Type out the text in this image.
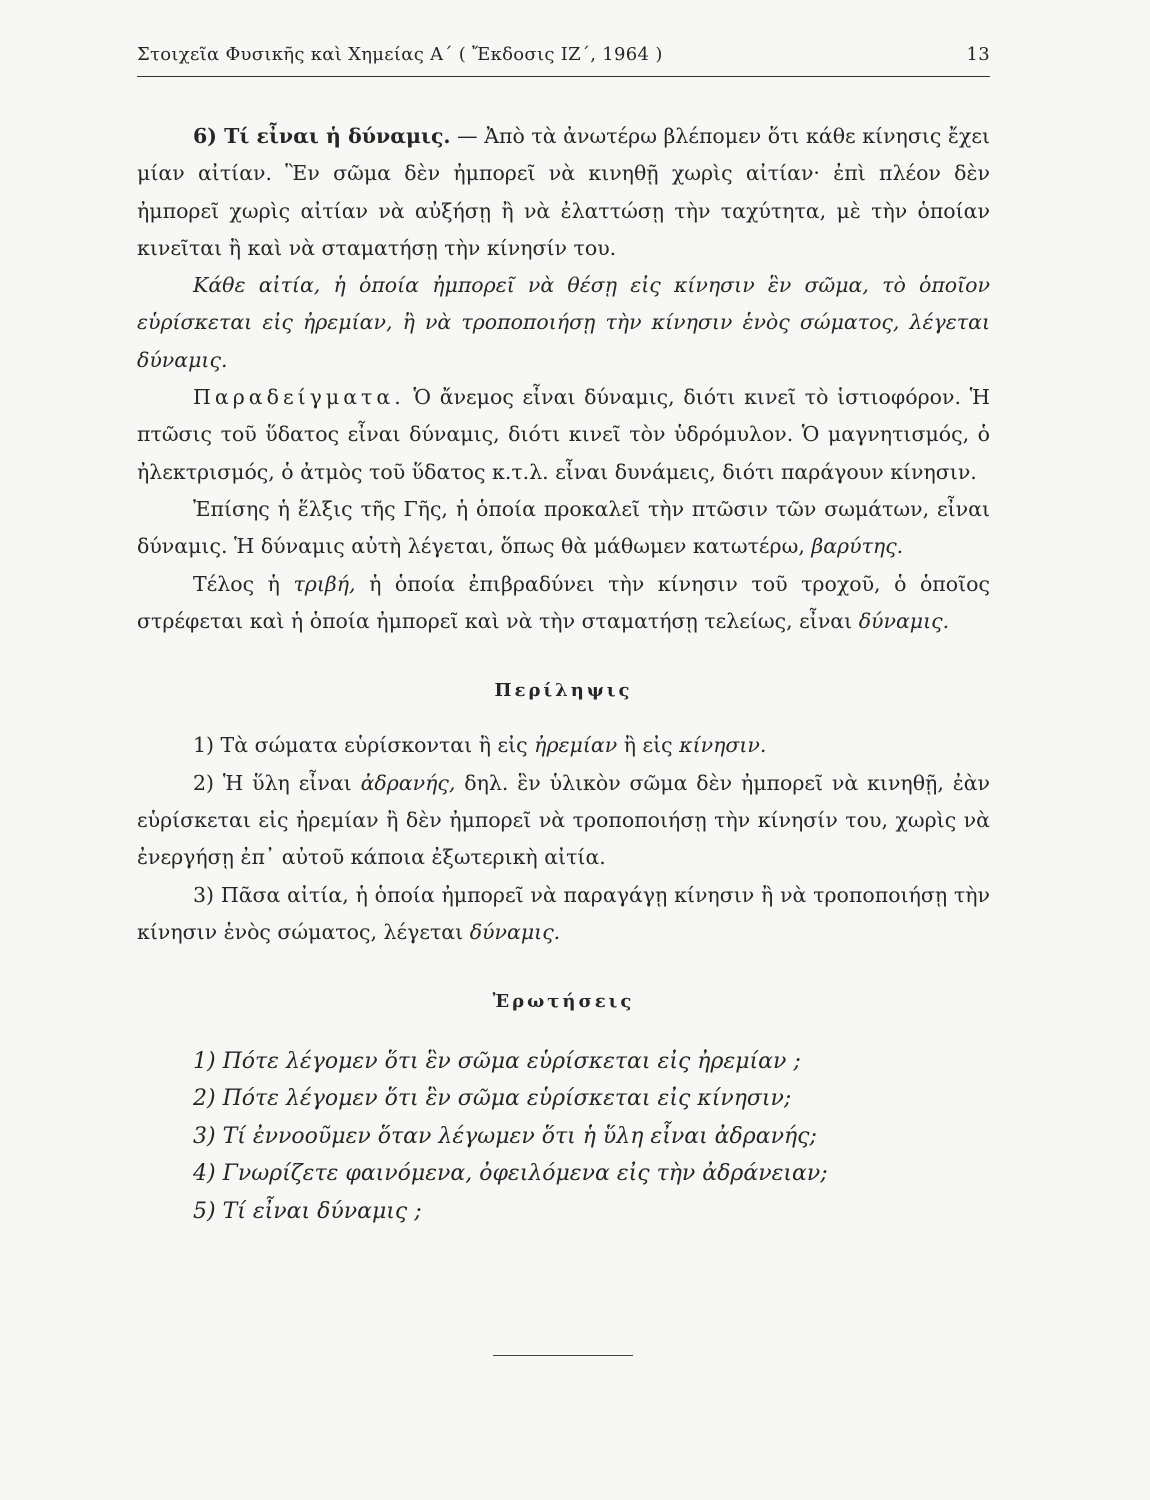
Στοιχεῖα Φυσικῆς καὶ Χημείας Α΄ ( Ἔκδοσις ΙΖ΄, 1964 )	13

6) Τί εἶναι ἡ δύναμις. — Ἀπὸ τὰ ἀνωτέρω βλέπομεν ὅτι κάθε κίνησις ἔχει μίαν αἰτίαν. Ἓν σῶμα δὲν ἠμπορεῖ νὰ κινηθῇ χωρὶς αἰτίαν· ἐπὶ πλέον δὲν ἠμπορεῖ χωρὶς αἰτίαν νὰ αὐξήσῃ ἢ νὰ ἐλαττώσῃ τὴν ταχύτητα, μὲ τὴν ὁποίαν κινεῖται ἢ καὶ νὰ σταματήσῃ τὴν κίνησίν του.

Κάθε αἰτία, ἡ ὁποία ἠμπορεῖ νὰ θέσῃ εἰς κίνησιν ἓν σῶμα, τὸ ὁποῖον εὑρίσκεται εἰς ἠρεμίαν, ἢ νὰ τροποποιήσῃ τὴν κίνησιν ἑνὸς σώματος, λέγεται δύναμις.

Παραδείγματα. Ὁ ἄνεμος εἶναι δύναμις, διότι κινεῖ τὸ ἱστιοφόρον. Ἡ πτῶσις τοῦ ὕδατος εἶναι δύναμις, διότι κινεῖ τὸν ὑδρόμυλον. Ὁ μαγνητισμός, ὁ ἠλεκτρισμός, ὁ ἀτμὸς τοῦ ὕδατος κ.τ.λ. εἶναι δυνάμεις, διότι παράγουν κίνησιν.

Ἐπίσης ἡ ἕλξις τῆς Γῆς, ἡ ὁποία προκαλεῖ τὴν πτῶσιν τῶν σωμάτων, εἶναι δύναμις. Ἡ δύναμις αὐτὴ λέγεται, ὅπως θὰ μάθωμεν κατωτέρω, βαρύτης.

Τέλος ἡ τριβή, ἡ ὁποία ἐπιβραδύνει τὴν κίνησιν τοῦ τροχοῦ, ὁ ὁποῖος στρέφεται καὶ ἡ ὁποία ἠμπορεῖ καὶ νὰ τὴν σταματήσῃ τελείως, εἶναι δύναμις.

Περίληψις

1) Τὰ σώματα εὑρίσκονται ἢ εἰς ἠρεμίαν ἢ εἰς κίνησιν.

2) Ἡ ὕλη εἶναι ἀδρανής, δηλ. ἓν ὑλικὸν σῶμα δὲν ἠμπορεῖ νὰ κινηθῇ, ἐὰν εὑρίσκεται εἰς ἠρεμίαν ἢ δὲν ἠμπορεῖ νὰ τροποποιήσῃ τὴν κίνησίν του, χωρὶς νὰ ἐνεργήσῃ ἐπ᾽ αὐτοῦ κάποια ἐξωτερικὴ αἰτία.

3) Πᾶσα αἰτία, ἡ ὁποία ἠμπορεῖ νὰ παραγάγῃ κίνησιν ἢ νὰ τροποποιήσῃ τὴν κίνησιν ἑνὸς σώματος, λέγεται δύναμις.

Ἐρωτήσεις

1) Πότε λέγομεν ὅτι ἓν σῶμα εὑρίσκεται εἰς ἠρεμίαν ;

2) Πότε λέγομεν ὅτι ἓν σῶμα εὑρίσκεται εἰς κίνησιν;

3) Τί ἐννοοῦμεν ὅταν λέγωμεν ὅτι ἡ ὕλη εἶναι ἀδρανής;

4) Γνωρίζετε φαινόμενα, ὀφειλόμενα εἰς τὴν ἀδράνειαν;

5) Τί εἶναι δύναμις ;
